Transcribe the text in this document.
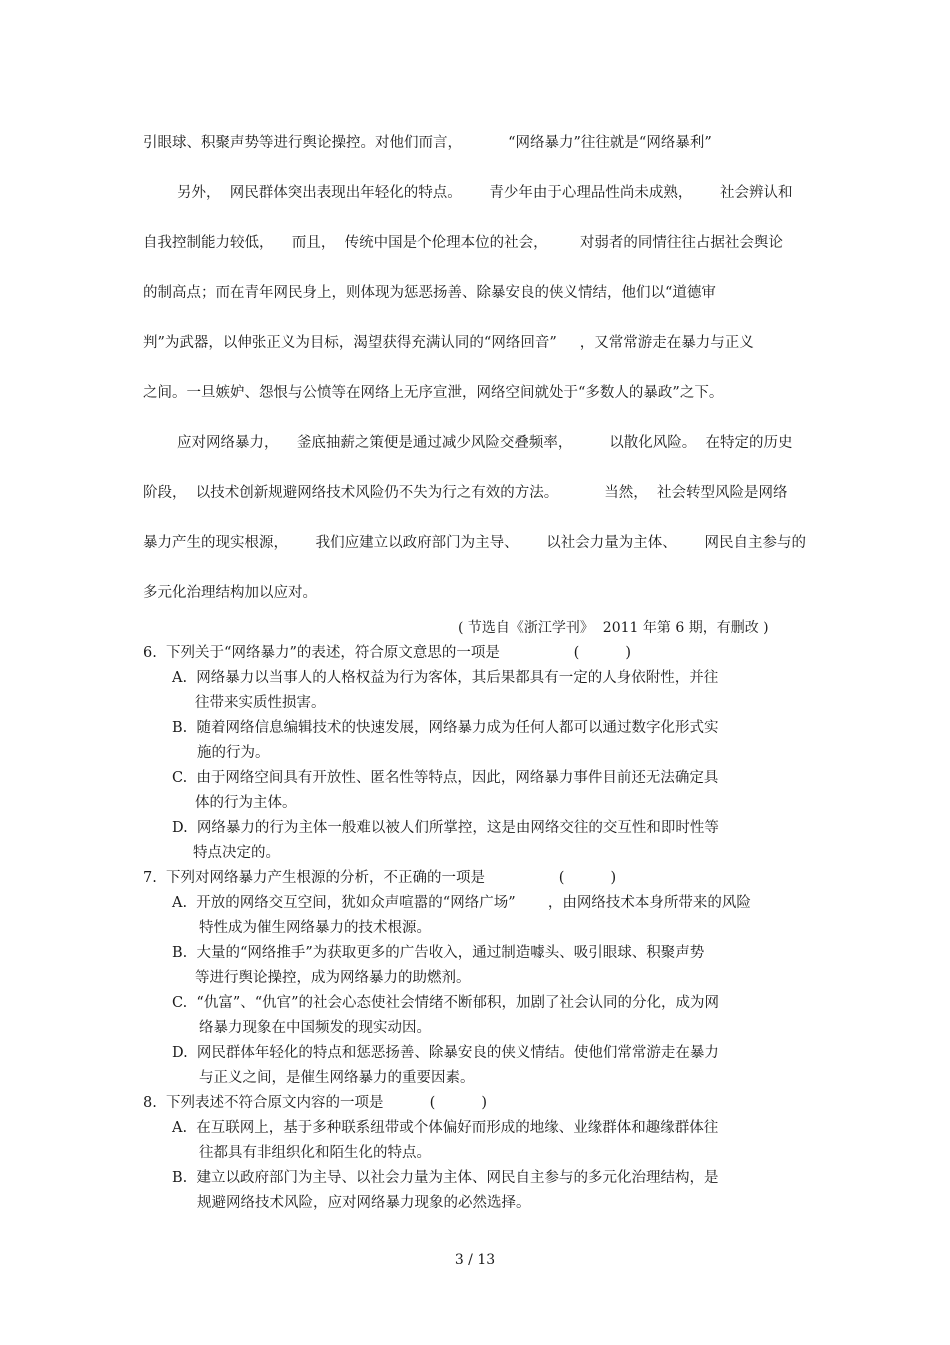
引眼球、积聚声势等进行舆论操控。对他们而言，          “网络暴力”往往就是“网络暴利”
另外，  网民群体突出表现出年轻化的特点。      青少年由于心理品性尚未成熟，      社会辨认和
自我控制能力较低，    而且，  传统中国是个伦理本位的社会，       对弱者的同情往往占据社会舆论
的制高点；而在青年网民身上，则体现为惩恶扬善、除暴安良的侠义情结，他们以“道德审
判”为武器，以伸张正义为目标，渴望获得充满认同的“网络回音”     ，又常常游走在暴力与正义
之间。一旦嫉妒、怨恨与公愤等在网络上无序宣泄，网络空间就处于“多数人的暴政”之下。
应对网络暴力，    釜底抽薪之策便是通过减少风险交叠频率，        以散化风险。  在特定的历史
阶段，  以技术创新规避网络技术风险仍不失为行之有效的方法。          当然，  社会转型风险是网络
暴力产生的现实根源，      我们应建立以政府部门为主导、      以社会力量为主体、      网民自主参与的
多元化治理结构加以应对。
( 节选自《浙江学刊》  2011 年第 6 期，有删改 )
6.  下列关于“网络暴力”的表述，符合原文意思的一项是                (          )
A.  网络暴力以当事人的人格权益为行为客体，其后果都具有一定的人身依附性，并往
往带来实质性损害。
B.  随着网络信息编辑技术的快速发展，网络暴力成为任何人都可以通过数字化形式实
施的行为。
C.  由于网络空间具有开放性、匿名性等特点，因此，网络暴力事件目前还无法确定具
体的行为主体。
D.  网络暴力的行为主体一般难以被人们所掌控，这是由网络交往的交互性和即时性等
特点决定的。
7.  下列对网络暴力产生根源的分析，不正确的一项是                (          )
A.  开放的网络交互空间，犹如众声喧嚣的“网络广场”       ，由网络技术本身所带来的风险
特性成为催生网络暴力的技术根源。
B.  大量的“网络推手”为获取更多的广告收入，通过制造噱头、吸引眼球、积聚声势
等进行舆论操控，成为网络暴力的助燃剂。
C.  “仇富”、“仇官”的社会心态使社会情绪不断郁积，加剧了社会认同的分化，成为网
络暴力现象在中国频发的现实动因。
D.  网民群体年轻化的特点和惩恶扬善、除暴安良的侠义情结。使他们常常游走在暴力
与正义之间，是催生网络暴力的重要因素。
8.  下列表述不符合原文内容的一项是          (          )
A.  在互联网上，基于多种联系纽带或个体偏好而形成的地缘、业缘群体和趣缘群体往
往都具有非组织化和陌生化的特点。
B.  建立以政府部门为主导、以社会力量为主体、网民自主参与的多元化治理结构，是
规避网络技术风险，应对网络暴力现象的必然选择。
3 / 13
